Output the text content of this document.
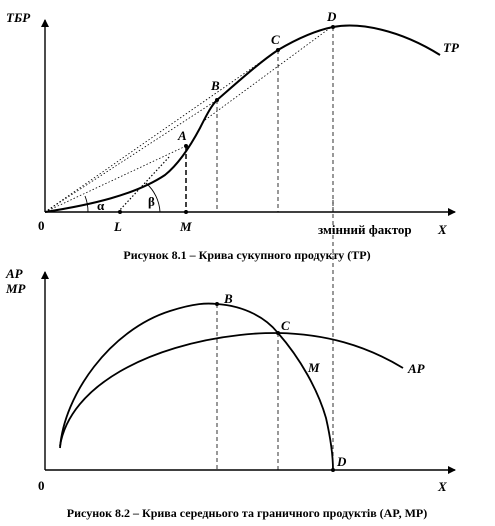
TБP
0	X
змінний фактор
TP
A
B
C
D
L	M
α	β
Рисунок 8.1 – Крива сукупного продукту (TP)
AP
MP
0	X
AP
M
B
C
D
Рисунок 8.2 – Крива середнього та граничного продуктів (AP, MP)
